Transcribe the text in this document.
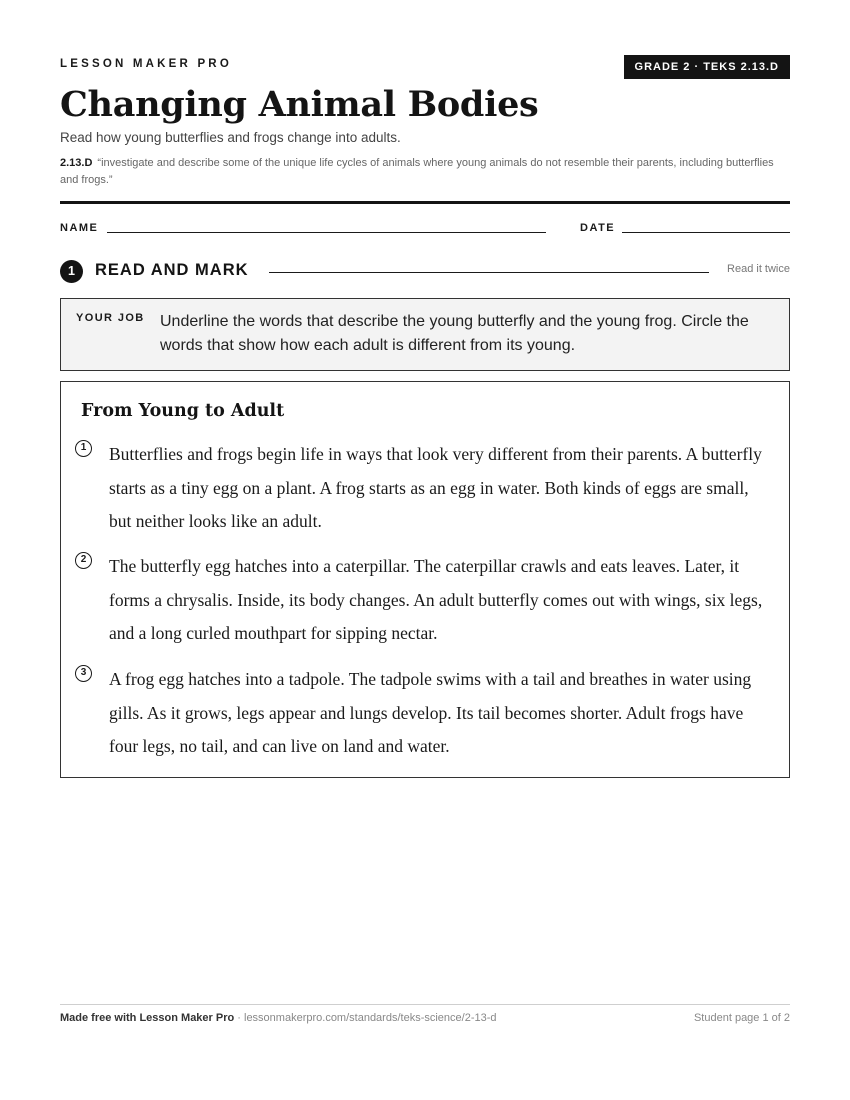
LESSON MAKER PRO	GRADE 2 · TEKS 2.13.D
Changing Animal Bodies

Read how young butterflies and frogs change into adults.

2.13.D “investigate and describe some of the unique life cycles of animals where young animals do not resemble their parents, including butterflies and frogs.”

NAME	DATE
1	READ AND MARK	Read it twice
YOUR JOB Underline the words that describe the young butterfly and the young frog. Circle the words that show how each adult is different from its young.

From Young to Adult
1	Butterflies and frogs begin life in ways that look very different from their parents. A butterfly starts as a tiny egg on a plant. A frog starts as an egg in water. Both kinds of eggs are small, but neither looks like an adult.

2	The butterfly egg hatches into a caterpillar. The caterpillar crawls and eats leaves. Later, it forms a chrysalis. Inside, its body changes. An adult butterfly comes out with wings, six legs, and a long curled mouthpart for sipping nectar.

3	A frog egg hatches into a tadpole. The tadpole swims with a tail and breathes in water using gills. As it grows, legs appear and lungs develop. Its tail becomes shorter. Adult frogs have four legs, no tail, and can live on land and water.

Made free with Lesson Maker Pro · lessonmakerpro.com/standards/teks-science/2-13-d	Student page 1 of 2
